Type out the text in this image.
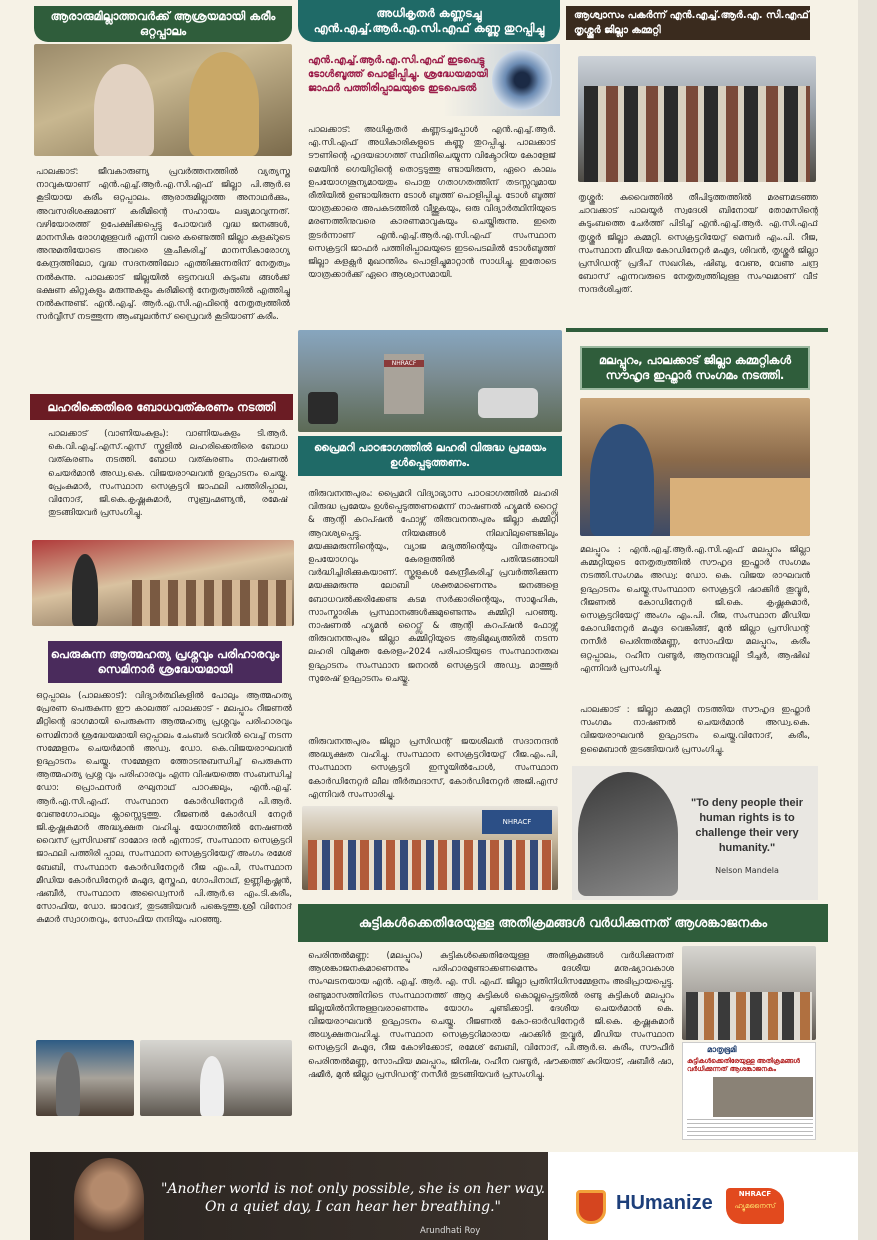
ആരാരുമില്ലാത്തവർക്ക് ആശ്രയമായി കരീം ഒറ്റപ്പാലം
പാലക്കാട്: ജീവകാരുണ്യ പ്രവർത്തനത്തിൽ വ്യത്യസ്ത നാവുകയാണ് എൻ.എച്ച്.ആർ.എ.സി.എഫ് ജില്ലാ പി.ആർ.ഒ കൂടിയായ കരീം ഒറ്റപ്പാലം. ആരാരുമില്ലാത്ത അനാഥർക്കും, അവസരിശക്കുമാണ് കരീമിന്റെ സഹായം ലഭ്യമാവുന്നത്. വഴിയോരത്ത് ഉപേക്ഷിക്കപ്പെട്ടു പോയവർ വൃദ്ധ ജനങ്ങൾ, മാനസിക രോഗമുള്ളവർ എന്നി വരെ കണ്ടെത്തി ജില്ലാ കളക്റുടെ അനുമതിയോടെ അവരെ ശുചീകരിച്ച് മാനസികാരോഗ്യ കേന്ദ്രത്തിലോ, വൃദ്ധ സദനത്തിലോ എത്തിക്കുന്നതിന് നേതൃത്വം നൽകുന്നു. പാലക്കാട് ജില്ലയിൽ ഒട്ടനവധി കുടുംബ ങ്ങൾക്ക് ഭക്ഷണ കിറ്റുകളും മരുന്നുകളും കരീമിന്റെ നേതൃത്വത്തിൽ എത്തിച്ചു നൽകുന്നുണ്ട്. എൻ.എച്ച്. ആർ.എ.സി.എഫിന്റെ നേതൃത്വത്തിൽ സർവ്വീസ് നടത്തുന്ന ആംബുലൻസ് ഡ്രൈവർ കൂടിയാണ് കരീം.
ലഹരിക്കെതിരെ ബോധവത്കരണം നടത്തി
പാലക്കാട് (വാണിയംകുളം): വാണിയംകുളം ടി.ആർ. കെ.വി.എച്ച്.എസ്.എസ് സ്കൂളിൽ ലഹരിക്കെതിരെ ബോധ വത്കരണം നടത്തി. ബോധ വത്കരണം നാഷണൽ ചെയർമാൻ അഡ്വ.കെ. വിജയരാഘവൻ ഉദ്ഘാടനം ചെയ്തു. പ്രേംകുമാർ, സംസ്ഥാന സെക്രട്ടറി ജാഫലി പത്തിരിപ്പാല, വിനോദ്, ജി.കെ.കൃഷ്ണകുമാർ, സുബ്രഹ്മണ്യൻ, രമേഷ് തുടങ്ങിയവർ പ്രസംഗിച്ചു.
പെരുകുന്ന ആത്മഹത്യ പ്രശ്നവും പരിഹാരവും സെമിനാർ ശ്രദ്ധേയമായി
ഒറ്റപ്പാലം (പാലക്കാട്): വിദ്യാർത്ഥികളിൽ പോലും ആത്മഹത്യ പ്രേരണ പെരുകുന്ന ഈ കാലത്ത് പാലക്കാട് - മലപ്പുറം റീജണൽ മീറ്റിന്റെ ഭാഗമായി പെരുകുന്ന ആത്മഹത്യ പ്രശ്നവും പരിഹാരവും സെമിനാർ ശ്രദ്ധേയമായി ഒറ്റപ്പാലം ചേംബർ ടവറിൽ വെച്ച് നടന്ന സമ്മേളനം ചെയർമാൻ അഡ്വ. ഡോ. കെ.വിജയരാഘവൻ ഉദ്ഘാടനം ചെയ്തു. സമ്മേളന ത്തോടനുബന്ധിച്ച് പെരുകുന്ന ആത്മഹത്യ പ്രശ്ന വും പരിഹാരവും എന്ന വിഷയത്തെ സംബന്ധിച്ച് ഡോ: പ്രൊഫസർ രഘുനാഥ് പാറക്കലും, എൻ.എച്ച്. ആർ.എ.സി.എഫ്. സംസ്ഥാന കോർഡിനേറ്റർ പി.ആർ. വേണുഗോപാലും ക്ലാസ്സെടുത്തു. റീജണൽ കോർഡി നേറ്റർ ജി.കൃഷ്ണകുമാർ അദ്ധ്യക്ഷത വഹിച്ചു. യോഗത്തിൽ നേഷണൽ വൈസ് പ്രസിഡണ്ട് ദാമോദ രൻ എന്നാട്, സംസ്ഥാന സെക്രട്ടറി ജാഫലി പത്തിരി പ്പാല, സംസ്ഥാന സെക്രട്ടറിയേറ്റ് അംഗം രമേശ് ബേബി, സംസ്ഥാന കോർഡിനേറ്റർ റീജ എം.പി, സംസ്ഥാന മീഡിയ കോർഡിനേറ്റർ മഹ്മൂദ, മുസ്തഫ, ഗോപിനാഥ്, ഉണ്ണികൃഷ്ണൻ, ഷബീർ, സംസ്ഥാന അഡ്വൈസർ പി.ആർ.ഒ എം.ടി.കരീം, സോഫിയ, ഡോ. ജാവേദ്, തുടങ്ങിയവർ പങ്കെടുത്തു.ശ്രീ വിനോദ് കുമാർ സ്വാഗതവും, സോഫിയ നന്ദിയും പറഞ്ഞു.
അധികൃതർ കണ്ണടച്ചു എൻ.എച്ച്.ആർ.എ.സി.എഫ് കണ്ണു തുറപ്പിച്ചു
എൻ.എച്ച്.ആർ.എ.സി.എഫ് ഇടപെട്ടു ടോൾബൂത്ത് പൊളിപ്പിച്ചു. ശ്രദ്ധേയമായി ജാഫർ പത്തിരിപ്പാലയുടെ ഇടപെടൽ
പാലക്കാട്: അധികൃതർ കണ്ണടച്ചപ്പോൾ എൻ.എച്ച്.ആർ. എ.സി.എഫ് അധികാരികളുടെ കണ്ണു തുറപ്പിച്ചു. പാലക്കാട് ടൗണിന്റെ ഹൃദയഭാഗത്ത് സ്ഥിതിചെയ്യുന്ന വിക്ടോറിയ കോളേജ് മെയിൻ ഗെയിറ്റിന്റെ തൊട്ടടുത്തു ണ്ടായിരുന്ന, ഏറെ കാലം ഉപയോഗശൂന്യമായതും പൊതു ഗതാഗതത്തിന് തടസ്സവുമായ രീതിയിൽ ഉണ്ടായിരുന്ന ടോൾ ബൂത്ത് പൊളിപ്പിച്ചു. ടോൾ ബൂത്ത് യാത്രക്കാരെ അപകടത്തിൽ വീഴ്ത്തുകയും, ഒരു വിദ്യാർത്ഥിനിയുടെ മരണത്തിനുവരെ കാരണമാവുകയും ചെയ്തിരുന്നു. ഇതെ തുടർന്നാണ് എൻ.എച്ച്.ആർ.എ.സി.എഫ് സംസ്ഥാന സെക്രട്ടറി ജാഫർ പത്തിരിപ്പാലയുടെ ഇടപെടലിൽ ടോൾബൂത്ത് ജില്ലാ കളക്റ്റർ മുഖാന്തിരം പൊളിച്ചുമാറ്റാൻ സാധിച്ചു. ഇതോടെ യാത്രക്കാർക്ക് ഏറെ ആശ്വാസമായി.
NHRACF
പ്രൈമറി പാഠഭാഗത്തിൽ ലഹരി വിരുദ്ധ പ്രമേയം ഉൾപ്പെടുത്തണം.
തിരുവനന്തപുരം: പ്രൈമറി വിദ്യാഭ്യാസ പാഠഭാഗത്തിൽ ലഹരി വിരുദ്ധ പ്രമേയം ഉൾപ്പെടുത്തണമെന്ന് നാഷണൽ ഹ്യൂമൻ റൈറ്റ്സ് & ആന്റി കറപ്ഷൻ ഫോഴ്സ് തിരുവനന്തപുരം ജില്ലാ കമ്മിറ്റി ആവശ്യപ്പെട്ടു. നിയമങ്ങൾ നിലവിലുണ്ടെങ്കിലും മയക്കുമരുന്നിന്റെയും, വ്യാജ മദ്യത്തിന്റെയും വിതരണവും ഉപയോഗവും കേരളത്തിൽ പതിന്മടങ്ങായി വർദ്ധിച്ചിരിക്കുകയാണ്. സ്കൂളുകൾ കേന്ദ്രീകരിച്ച് പ്രവർത്തിക്കുന്ന മയക്കുമരുന്നു ലോബി ശക്തമാണെന്നും ജനങ്ങളെ ബോധവൽക്കരിക്കേണ്ട കടമ സർക്കാരിന്റെയും, സാമൂഹിക, സാംസ്കാരിക പ്രസ്ഥാനങ്ങൾക്കുമുണ്ടെന്നും കമ്മിറ്റി പറഞ്ഞു. നാഷണൽ ഹ്യൂമൻ റൈറ്റ്സ് & ആന്റി കറപ്ഷൻ ഫോഴ്സ് തിരുവനന്തപുരം ജില്ലാ കമ്മിറ്റിയുടെ ആഭിമുഖ്യത്തിൽ നടന്ന ലഹരി വിമുക്ത കേരളം-2024 പരിപാടിയുടെ സംസ്ഥാനതല ഉദ്ഘാടനം സംസ്ഥാന ജനറൽ സെക്രട്ടറി അഡ്വ. മാത്തൂർ സുരേഷ് ഉദ്ഘാടനം ചെയ്തു.
തിരുവനന്തപുരം ജില്ലാ പ്രസിഡന്റ് ജയശീലൻ സദാനന്ദൻ അദ്ധ്യക്ഷത വഹിച്ചു. സംസ്ഥാന സെക്രട്ടറിയേറ്റ് റീജ.എം.പി, സംസ്ഥാന സെക്രട്ടറി ഇസ്മയിൽപോൾ, സംസ്ഥാന കോർഡിനേറ്റർ ലീല തീർത്ഥദാസ്, കോർഡിനേറ്റർ അജി.എസ് എന്നിവർ സംസാരിച്ചു.
NHRACF
ആശ്വാസം പകർന്ന് എൻ.എച്ച്.ആർ.എ. സി.എഫ് തൃശ്ശൂർ ജില്ലാ കമ്മറ്റി
തൃശ്ശൂർ: കുവൈത്തിൽ തീപിടുത്തത്തിൽ മരണമടഞ്ഞ ചാവക്കാട് പാലയൂർ സ്വദേശി ബിനോയ് തോമസിന്റെ കുടുംബത്തെ ചേർത്ത് പിടിച്ച് എൻ.എച്ച്.ആർ. എ.സി.എഫ് തൃശ്ശൂർ ജില്ലാ കമ്മറ്റി. സെക്രട്ടറിയേറ്റ് മെമ്പർ എം.പി. റീജ, സംസ്ഥാന മീഡിയ കോഡിനേറ്റർ മഹ്മൂദ, ശിവൻ, തൃശ്ശൂർ ജില്ലാ പ്രസിഡന്റ് പ്രദീപ് സഖറിക, ഷിബു, വേണു, വേണു ചന്ദ്ര ബോസ് എന്നവരുടെ നേതൃത്വത്തിലുള്ള സംഘമാണ് വീട് സന്ദർശിച്ചത്.
മലപ്പുറം, പാലക്കാട് ജില്ലാ കമ്മറ്റികൾ സൗഹൃദ ഇഫ്താർ സംഗമം നടത്തി.
മലപ്പുറം : എൻ.എച്ച്.ആർ.എ.സി.എഫ് മലപ്പുറം ജില്ലാ കമ്മറ്റിയുടെ നേതൃത്വത്തിൽ സൗഹൃദ ഇഫ്താർ സംഗമം നടത്തി.സംഗമം അഡ്വ: ഡോ. കെ. വിജയ രാഘവൻ ഉദ്ഘാടനം ചെയ്തു.സംസ്ഥാന സെക്രട്ടറി ഷാക്കിർ തൂവ്വൂർ, റീജണൽ കോഡിനേറ്റർ ജി.കെ. കൃഷ്ണകുമാർ, സെക്രട്ടറിയേറ്റ് അംഗം എം.പി. റീജ, സംസ്ഥാന മീഡിയ കോഡിനേറ്റർ മഹ്മൂദ വെങ്കിങ്ങ്, മുൻ ജില്ലാ പ്രസിഡന്റ് നസീർ പെരിന്തൽമണ്ണ, സോഫിയ മലപ്പുറം, കരീം ഒറ്റപ്പാലം, റഹീന വണ്ടൂർ, ആനന്ദവല്ലി ടീച്ചർ, ആഷിഖ് എന്നിവർ പ്രസംഗിച്ചു.
പാലക്കാട് : ജില്ലാ കമ്മറ്റി നടത്തിയ സൗഹൃദ ഇഫ്താർ സംഗമം നാഷണൽ ചെയർമാൻ അഡ്വ.കെ. വിജയരാഘവൻ ഉദ്ഘാടനം ചെയ്തു.വിനോദ്, കരീം, ഉമൈബാൻ തുടങ്ങിയവർ പ്രസംഗിച്ചു.
"To deny people their human rights is to challenge their very humanity."
Nelson Mandela
കുട്ടികൾക്കെതിരേയുള്ള അതിക്രമങ്ങൾ വർധിക്കുന്നത് ആശങ്കാജനകം
പെരിന്തൽമണ്ണ: (മലപ്പുറം) കുട്ടികൾക്കെതിരേയുള്ള അതിക്രമങ്ങൾ വർധിക്കുന്നത് ആശങ്കാജനകമാണെന്നും പരിഹാരമുണ്ടാക്കണമെന്നും ദേശീയ മനുഷ്യാവകാശ സംഘടനയായ എൻ. എച്ച്. ആർ. എ. സി. എഫ്. ജില്ലാ പ്രതിനിധിസമ്മേളനം അഭിപ്രായപ്പെട്ടു. രണ്ടുമാസത്തിനിടെ സംസ്ഥാനത്ത് ആറു കുട്ടികൾ കൊല്ലപ്പെട്ടതിൽ രണ്ടു കുട്ടികൾ മലപ്പുറം ജില്ലയിൽനിന്നുള്ളവരാണെന്നും യോഗം ചൂണ്ടിക്കാട്ടി. ദേശീയ ചെയർമാൻ കെ. വിജയരാഘവൻ ഉദ്ഘാടനം ചെയ്തു. റീജണൽ കോ-ഓർഡിനേറ്റർ ജി.കെ. കൃഷ്ണകുമാർ അധ്യക്ഷതവഹിച്ചു. സംസ്ഥാന സെക്രട്ടറിമാരായ ഷാക്കിർ തുവ്വൂർ, മീഡിയ സംസ്ഥാന സെക്രട്ടറി മഹ്മൂദ, റീജ കോഴിക്കോട്, രമേശ് ബേബി, വിനോദ്, പി.ആർ.ഒ. കരീം, സൗഫീർ പെരിന്തൽമണ്ണ, സോഫിയ മലപ്പുറം, ജിനിഷ, റഹീന വണ്ടൂർ, ഷൗക്കത്ത് കുറിയാട്, ഷബീർ ഷാ, ഷമീർ, മുൻ ജില്ലാ പ്രസിഡന്റ് നസീർ തുടങ്ങിയവർ പ്രസംഗിച്ചു.
മാതൃഭൂമി
കുട്ടികൾക്കെതിരേയുള്ള അതിക്രമങ്ങൾ വർധിക്കുന്നത് ആശങ്കാജനകം
"Another world is not only possible, she is on her way. On a quiet day, I can hear her breathing."
Arundhati Roy
HUmanize	NHRACF
ഹ്യൂമനൈസ്
